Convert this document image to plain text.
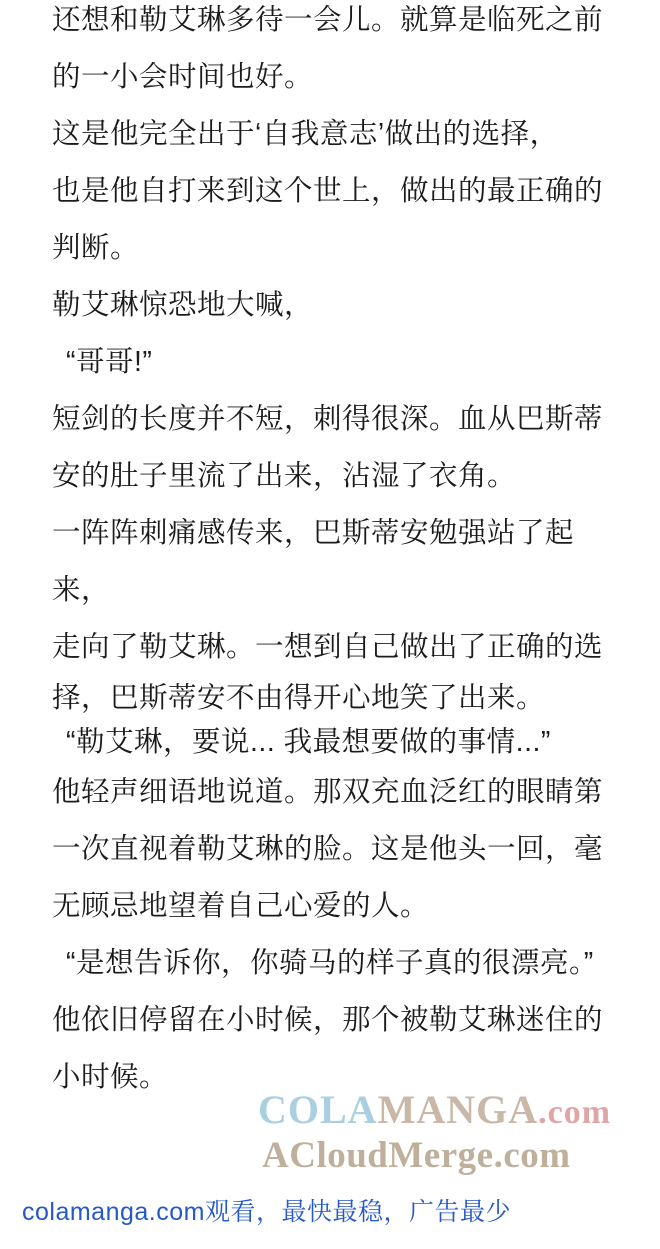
还想和勒艾琳多待一会儿。就算是临死之前

的一小会时间也好。

这是他完全出于‘自我意志’做出的选择，

也是他自打来到这个世上，做出的最正确的

判断。

勒艾琳惊恐地大喊，

“哥哥!”

短剑的长度并不短，刺得很深。血从巴斯蒂

安的肚子里流了出来，沾湿了衣角。

一阵阵刺痛感传来，巴斯蒂安勉强站了起来，

走向了勒艾琳。一想到自己做出了正确的选

择，巴斯蒂安不由得开心地笑了出来。

“勒艾琳，要说... 我最想要做的事情...”

他轻声细语地说道。那双充血泛红的眼睛第

一次直视着勒艾琳的脸。这是他头一回，毫

无顾忌地望着自己心爱的人。

“是想告诉你，你骑马的样子真的很漂亮。”

他依旧停留在小时候，那个被勒艾琳迷住的

小时候。

COLAMANGA.com
ACloudMerge.com
colamanga.com观看，最快最稳，广告最少
